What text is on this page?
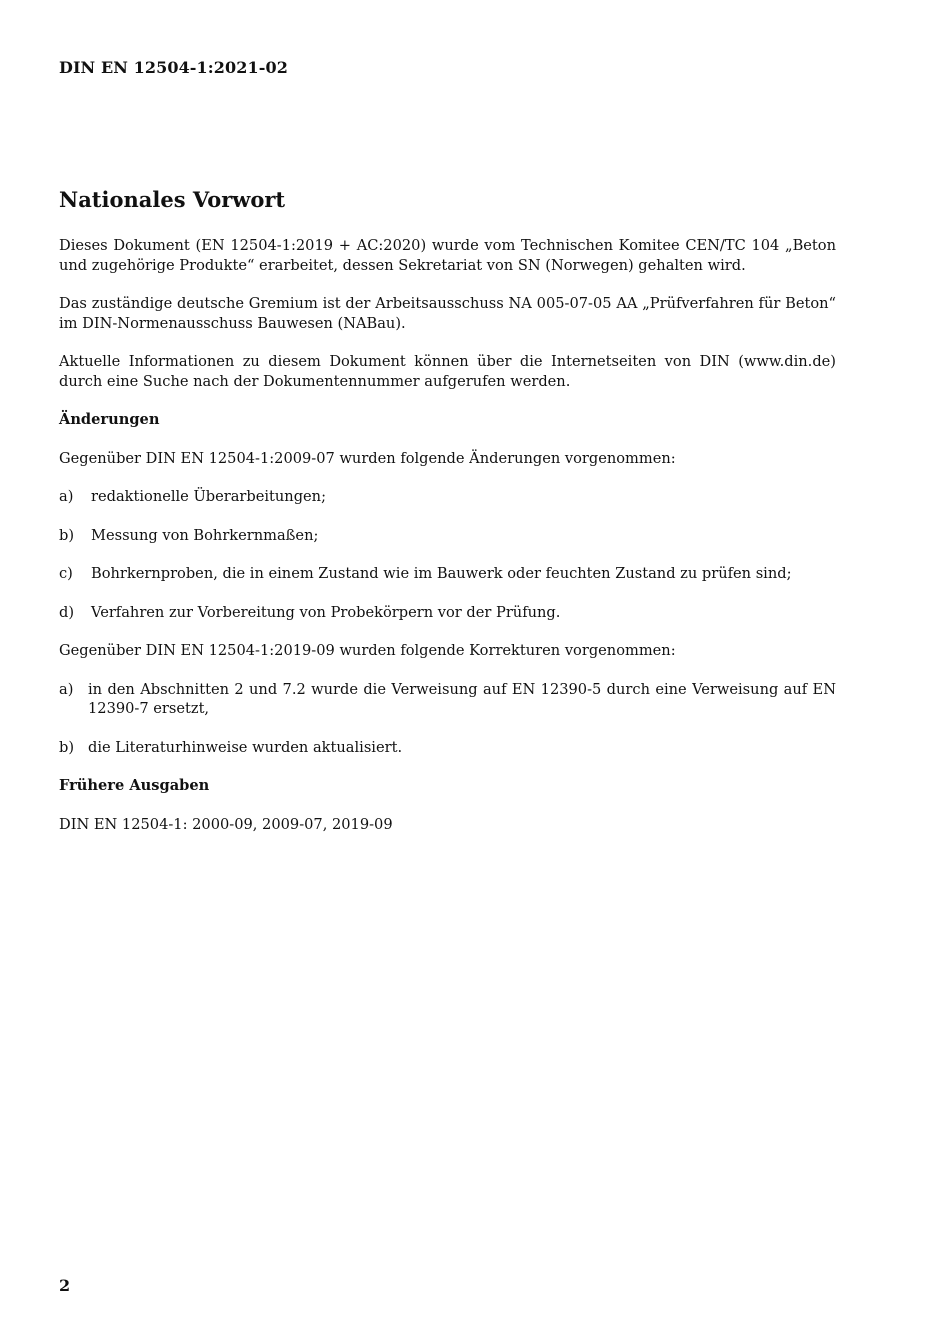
DIN EN 12504-1:2021-02
Nationales Vorwort

Dieses Dokument (EN 12504-1:2019 + AC:2020) wurde vom Technischen Komitee CEN/TC 104 „Beton und zugehörige Produkte“ erarbeitet, dessen Sekretariat von SN (Norwegen) gehalten wird.

Das zuständige deutsche Gremium ist der Arbeitsausschuss NA 005-07-05 AA „Prüfverfahren für Beton“ im DIN-Normenausschuss Bauwesen (NABau).

Aktuelle Informationen zu diesem Dokument können über die Internetseiten von DIN (www.din.de) durch eine Suche nach der Dokumentennummer aufgerufen werden.

Änderungen

Gegenüber DIN EN 12504-1:2009-07 wurden folgende Änderungen vorgenommen:

a)	redaktionelle Überarbeitungen;
b)	Messung von Bohrkernmaßen;
c)	Bohrkernproben, die in einem Zustand wie im Bauwerk oder feuchten Zustand zu prüfen sind;
d)	Verfahren zur Vorbereitung von Probekörpern vor der Prüfung.

Gegenüber DIN EN 12504-1:2019-09 wurden folgende Korrekturen vorgenommen:

a) in den Abschnitten 2 und 7.2 wurde die Verweisung auf EN 12390-5 durch eine Verweisung auf EN 12390-7 ersetzt,
b) die Literaturhinweise wurden aktualisiert.
Frühere Ausgaben

DIN EN 12504-1: 2000-09, 2009-07, 2019-09

2
